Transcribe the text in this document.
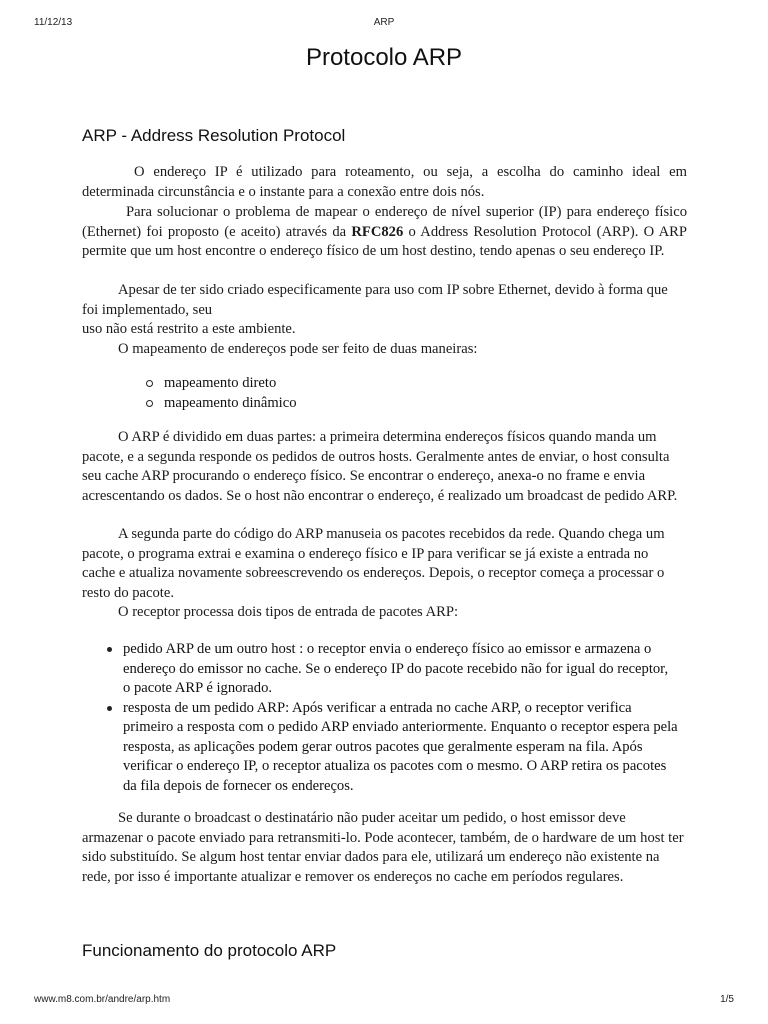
11/12/13	ARP
Protocolo ARP
ARP - Address Resolution Protocol

O endereço IP é utilizado para roteamento, ou seja, a escolha do caminho ideal em determinada circunstância e o instante para a conexão entre dois nós.

Para solucionar o problema de mapear o endereço de nível superior (IP) para endereço físico (Ethernet) foi proposto (e aceito) através da RFC826 o Address Resolution Protocol (ARP). O ARP permite que um host encontre o endereço físico de um host destino, tendo apenas o seu endereço IP.

Apesar de ter sido criado especificamente para uso com IP sobre Ethernet, devido à forma que foi implementado, seu

uso não está restrito a este ambiente.

O mapeamento de endereços pode ser feito de duas maneiras:

mapeamento direto
mapeamento dinâmico

O ARP é dividido em duas partes: a primeira determina endereços físicos quando manda um pacote, e a segunda responde os pedidos de outros hosts. Geralmente antes de enviar, o host consulta seu cache ARP procurando o endereço físico. Se encontrar o endereço, anexa-o no frame e envia acrescentando os dados. Se o host não encontrar o endereço, é realizado um broadcast de pedido ARP.

A segunda parte do código do ARP manuseia os pacotes recebidos da rede. Quando chega um pacote, o programa extrai e examina o endereço físico e IP para verificar se já existe a entrada no cache e atualiza novamente sobreescrevendo os endereços. Depois, o receptor começa a processar o resto do pacote.

O receptor processa dois tipos de entrada de pacotes ARP:

pedido ARP de um outro host : o receptor envia o endereço físico ao emissor e armazena o endereço do emissor no cache. Se o endereço IP do pacote recebido não for igual do receptor, o pacote ARP é ignorado.
resposta de um pedido ARP: Após verificar a entrada no cache ARP, o receptor verifica primeiro a resposta com o pedido ARP enviado anteriormente. Enquanto o receptor espera pela resposta, as aplicações podem gerar outros pacotes que geralmente esperam na fila. Após verificar o endereço IP, o receptor atualiza os pacotes com o mesmo. O ARP retira os pacotes da fila depois de fornecer os endereços.

Se durante o broadcast o destinatário não puder aceitar um pedido, o host emissor deve armazenar o pacote enviado para retransmiti-lo. Pode acontecer, também, de o hardware de um host ter sido substituído. Se algum host tentar enviar dados para ele, utilizará um endereço não existente na rede, por isso é importante atualizar e remover os endereços no cache em períodos regulares.

Funcionamento do protocolo ARP
www.m8.com.br/andre/arp.htm	1/5
